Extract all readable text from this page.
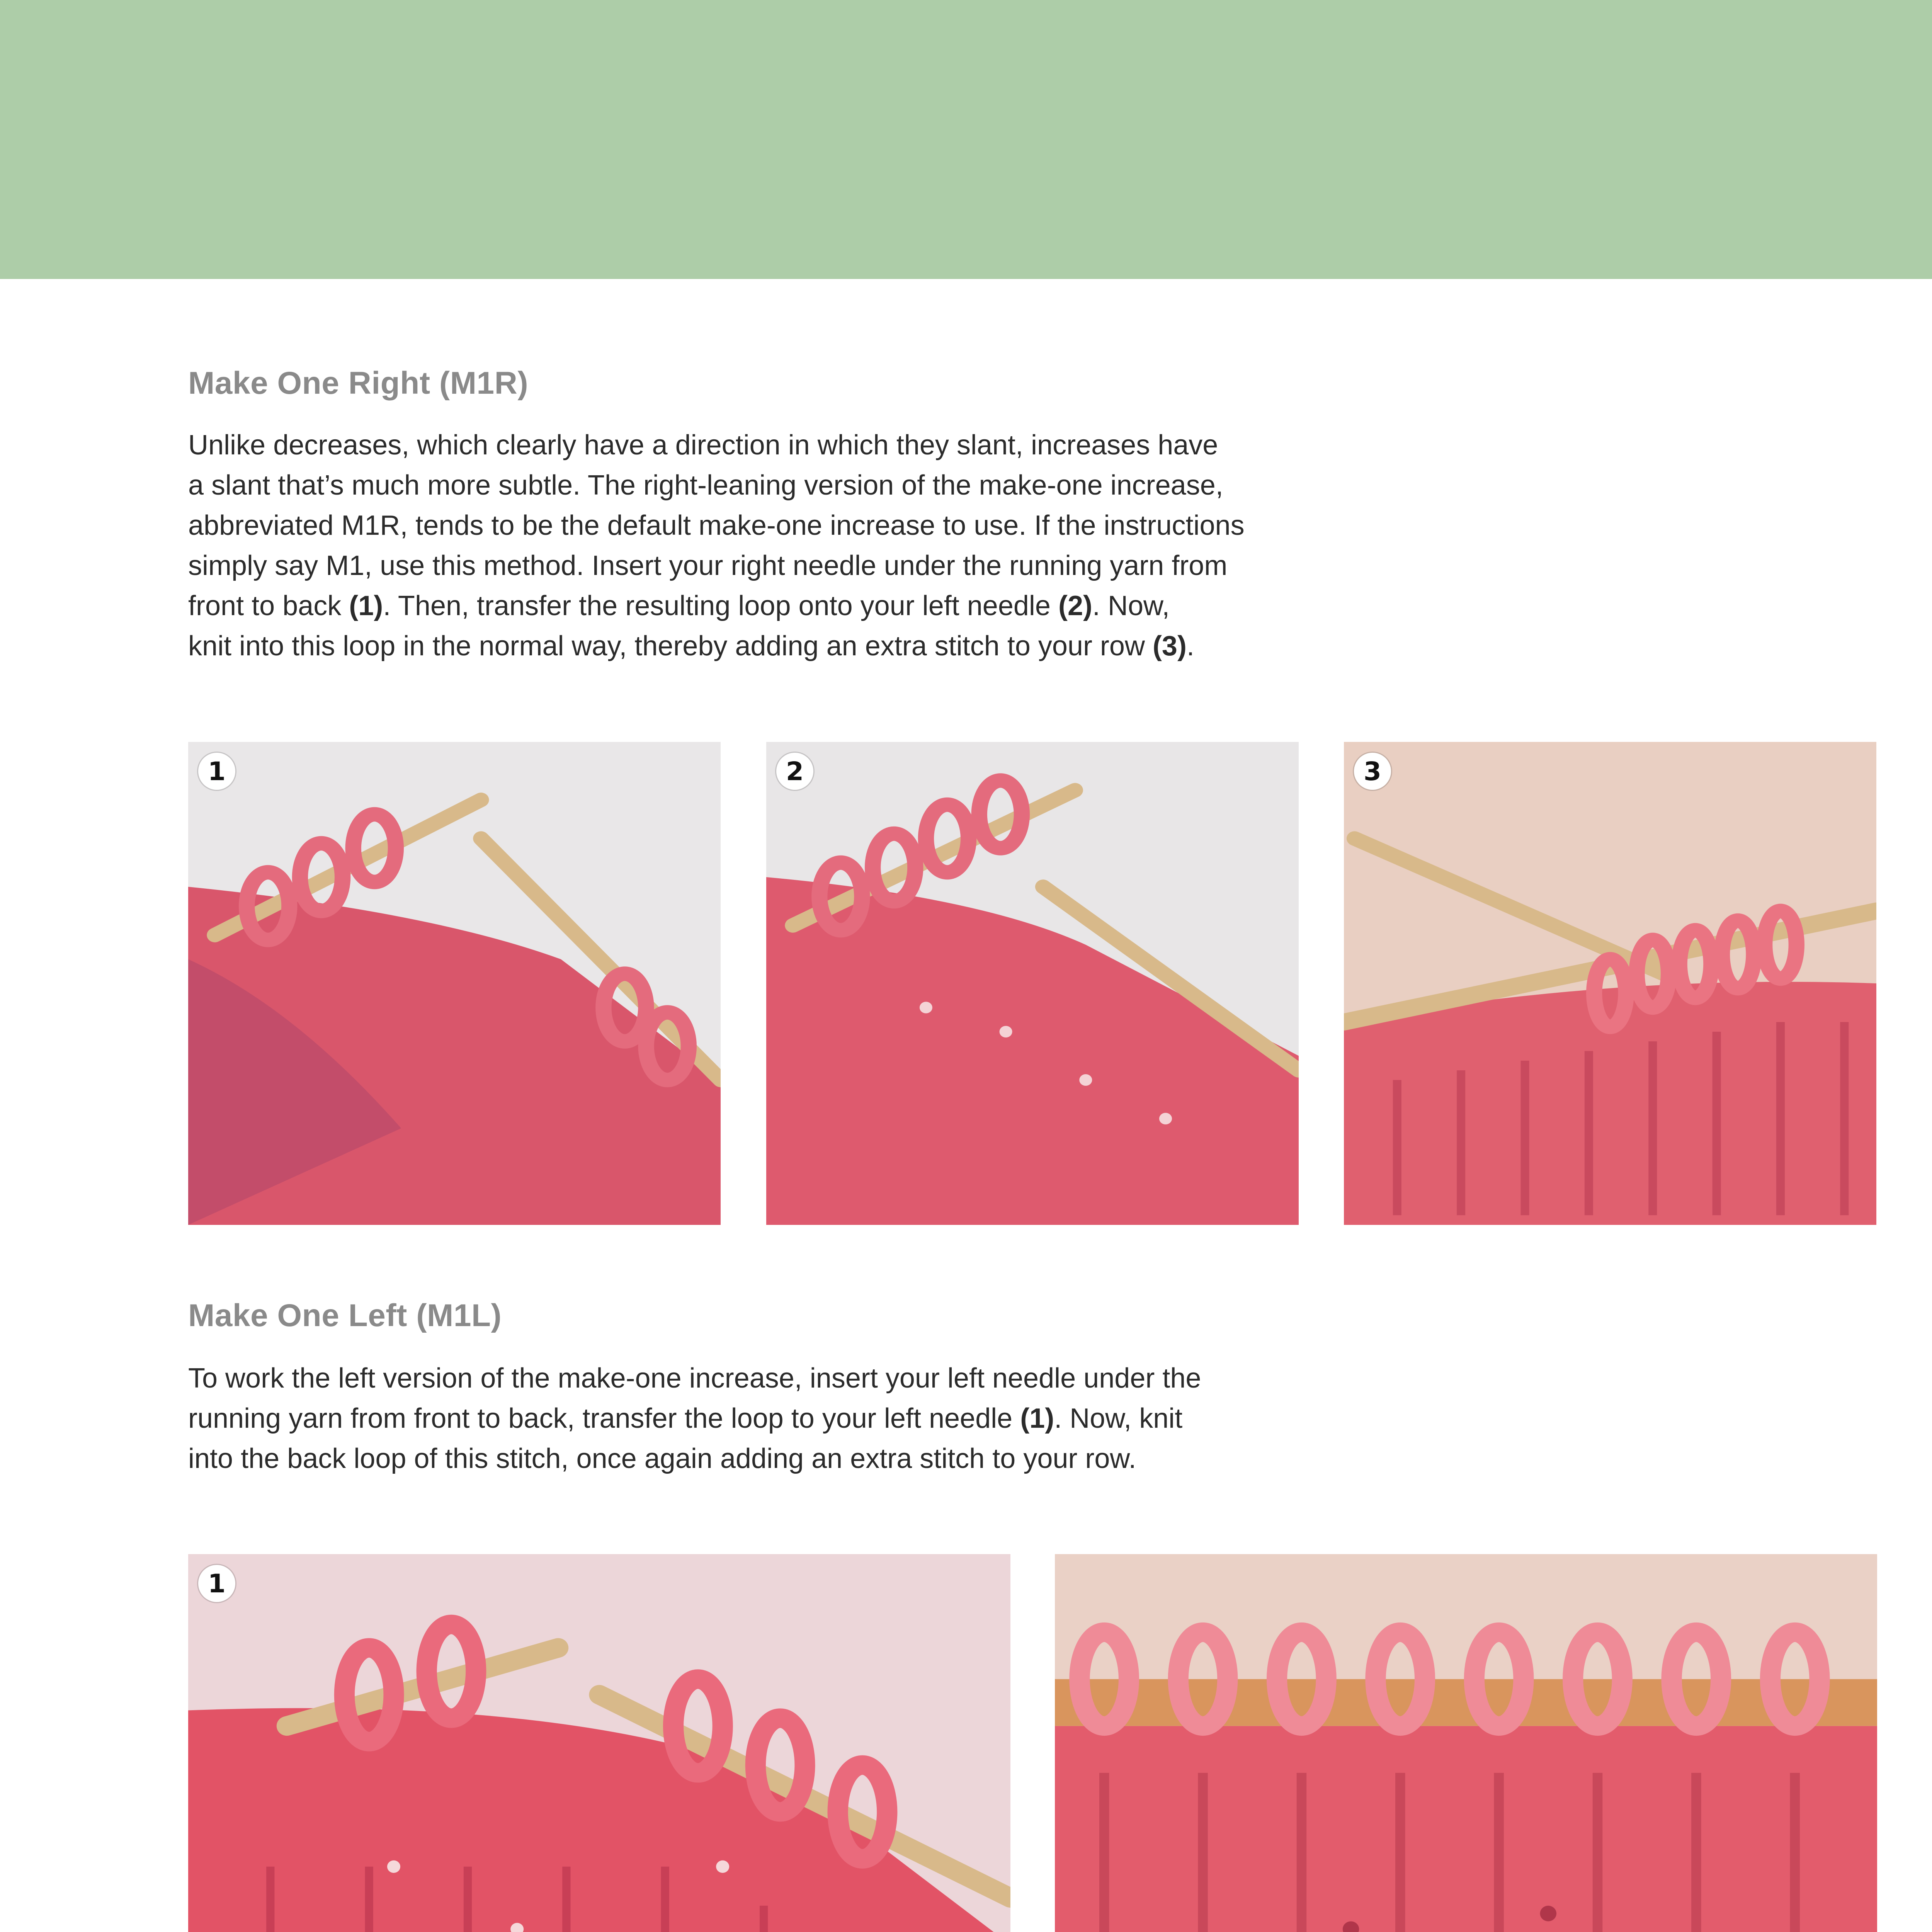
Make One Right (M1R)
Unlike decreases, which clearly have a direction in which they slant, increases have
a slant that’s much more subtle. The right-leaning version of the make-one increase,
abbreviated M1R, tends to be the default make-one increase to use. If the instructions
simply say M1, use this method. Insert your right needle under the running yarn from
front to back (1). Then, transfer the resulting loop onto your left needle (2). Now,
knit into this loop in the normal way, thereby adding an extra stitch to your row (3).
1	2	3
Make One Left (M1L)
To work the left version of the make-one increase, insert your left needle under the
running yarn from front to back, transfer the loop to your left needle (1). Now, knit
into the back loop of this stitch, once again adding an extra stitch to your row.
1
